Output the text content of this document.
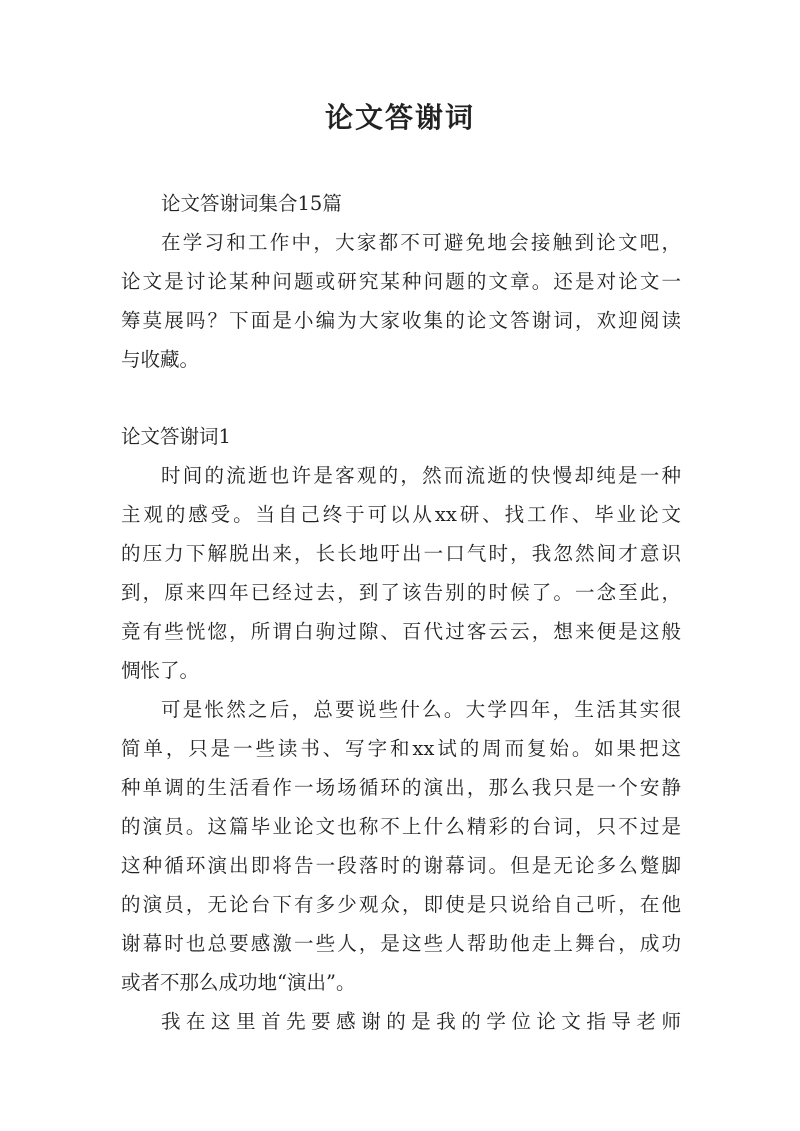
论文答谢词
论文答谢词集合15篇
在学习和工作中，大家都不可避免地会接触到论文吧，
论文是讨论某种问题或研究某种问题的文章。还是对论文一
筹莫展吗？下面是小编为大家收集的论文答谢词，欢迎阅读
与收藏。
论文答谢词1
时间的流逝也许是客观的，然而流逝的快慢却纯是一种
主观的感受。当自己终于可以从xx研、找工作、毕业论文
的压力下解脱出来，长长地吁出一口气时，我忽然间才意识
到，原来四年已经过去，到了该告别的时候了。一念至此，
竟有些恍惚，所谓白驹过隙、百代过客云云，想来便是这般
惆怅了。
可是怅然之后，总要说些什么。大学四年，生活其实很
简单，只是一些读书、写字和xx试的周而复始。如果把这
种单调的生活看作一场场循环的演出，那么我只是一个安静
的演员。这篇毕业论文也称不上什么精彩的台词，只不过是
这种循环演出即将告一段落时的谢幕词。但是无论多么蹩脚
的演员，无论台下有多少观众，即使是只说给自己听，在他
谢幕时也总要感激一些人，是这些人帮助他走上舞台，成功
或者不那么成功地“演出”。
我在这里首先要感谢的是我的学位论文指导老师
